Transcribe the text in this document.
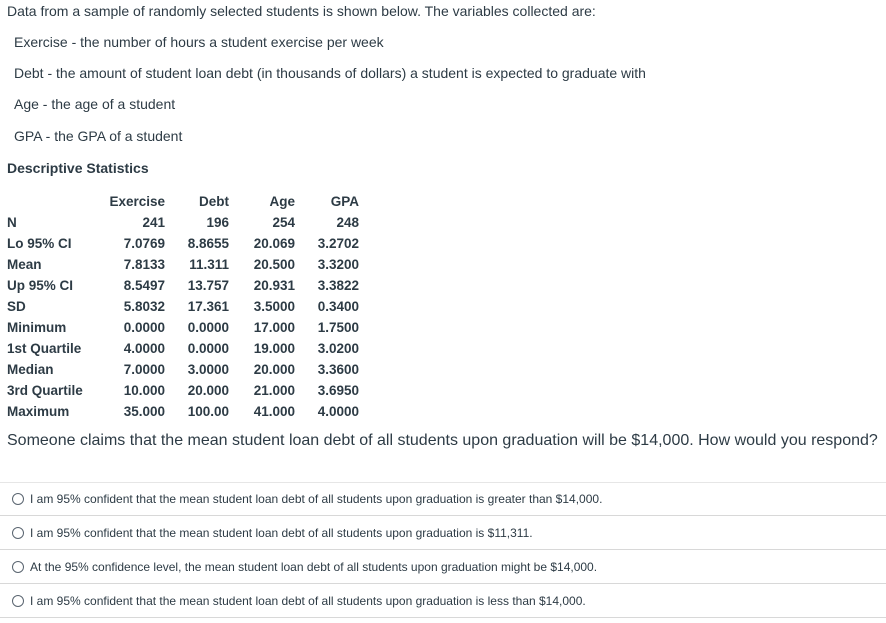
Data from a sample of randomly selected students is shown below. The variables collected are:
Exercise - the number of hours a student exercise per week
Debt - the amount of student loan debt (in thousands of dollars) a student is expected to graduate with
Age - the age of a student
GPA - the GPA of a student
Descriptive Statistics
	Exercise	Debt	Age	GPA
N	241	196	254	248
Lo 95% CI	7.0769	8.8655	20.069	3.2702
Mean	7.8133	11.311	20.500	3.3200
Up 95% CI	8.5497	13.757	20.931	3.3822
SD	5.8032	17.361	3.5000	0.3400
Minimum	0.0000	0.0000	17.000	1.7500
1st Quartile	4.0000	0.0000	19.000	3.0200
Median	7.0000	3.0000	20.000	3.3600
3rd Quartile	10.000	20.000	21.000	3.6950
Maximum	35.000	100.00	41.000	4.0000
Someone claims that the mean student loan debt of all students upon graduation will be $14,000. How would you respond?
I am 95% confident that the mean student loan debt of all students upon graduation is greater than $14,000.
I am 95% confident that the mean student loan debt of all students upon graduation is $11,311.
At the 95% confidence level, the mean student loan debt of all students upon graduation might be $14,000.
I am 95% confident that the mean student loan debt of all students upon graduation is less than $14,000.
